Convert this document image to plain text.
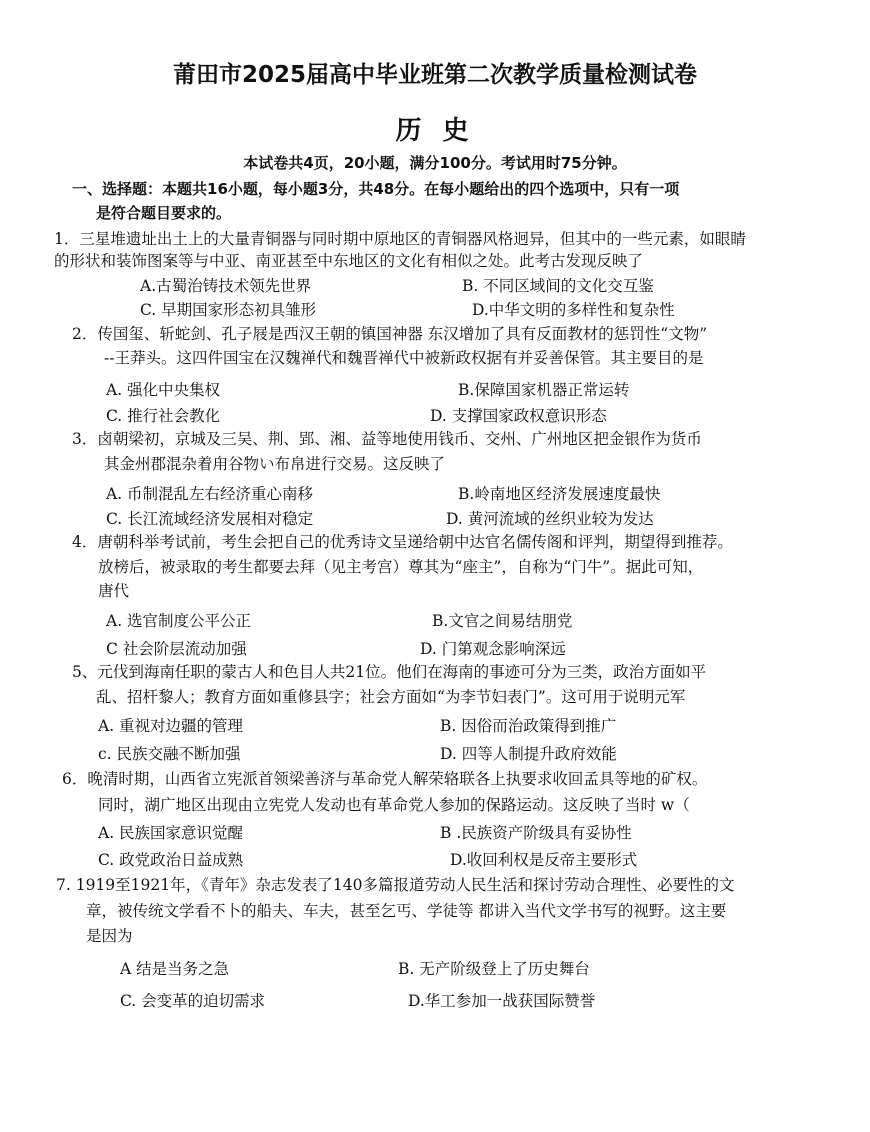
莆田市2025届高中毕业班第二次教学质量检测试卷
历 史
本试卷共4页，20小题，满分100分。考试用时75分钟。
一、选择题：本题共16小题，每小题3分，共48分。在每小题给出的四个选项中，只有一项
是符合题目要求的。
1．三星堆遗址出土上的大量青铜器与同时期中原地区的青铜器风格迥异，但其中的一些元素，如眼睛
的形状和装饰图案等与中亚、南亚甚至中东地区的文化有相似之处。此考古发现反映了
A.古蜀治铸技术领先世界	B. 不同区域间的文化交互鉴
C. 早期国家形态初具雏形	D.中华文明的多样性和复杂性
2．传国玺、斩蛇剑、孔子屐是西汉王朝的镇国神器 东汉增加了具有反面教材的惩罚性“文物”
--王莽头。这四件国宝在汉魏禅代和魏晋禅代中被新政权据有并妥善保管。其主要目的是
A. 强化中央集权	B.保障国家机器正常运转
C. 推行社会教化	D. 支撑国家政权意识形态
3．卤朝梁初，京城及三吴、荆、郢、湘、益等地使用钱币、交州、广州地区把金银作为货币
其金州郡混杂着甪谷物い布帛进行交易。这反映了
A. 币制混乱左右经济重心南移	B.岭南地区经济发展速度最快
C. 长江流域经济发展相对稳定	D. 黄河流域的丝织业较为发达
4．唐朝科举考试前，考生会把自己的优秀诗文呈递给朝中达官名儒传阁和评判，期望得到推荐。
放榜后，被录取的考生都要去拜（见主考宫）尊其为“座主”，自称为“门牛”。据此可知，
唐代
A. 选官制度公平公正	B.文官之间易结朋党
C 社会阶层流动加强	D. 门第观念影响深远
5、元伐到海南任职的蒙古人和色目人共21位。他们在海南的事迹可分为三类，政治方面如平
乱、招杆黎人；教育方面如重修县字；社会方面如“为李节妇表门”。这可用于说明元军
A. 重视对边疆的管理	B. 因俗而治政策得到推广
c. 民族交融不断加强	D. 四等人制提升政府效能
6．晚清时期，山西省立宪派首领梁善济与革命党人解荣辂联各上执要求收回孟具等地的矿权。
同时，湖广地区出现由立宪党人发动也有革命党人参加的保路运动。这反映了当时 w（
A. 民族国家意识觉醒	B .民族资产阶级具有妥协性
C. 政党政治日益成熟	D.收回利权是反帝主要形式
7. 1919至1921年，《青年》杂志发表了140多篇报道劳动人民生活和探讨劳动合理性、必要性的文
章，被传统文学看不卜的船夫、车夫，甚至乞丐、学徒等 都讲入当代文学书写的视野。这主要
是因为
A 结是当务之急	B. 无产阶级登上了历史舞台
C. 会变革的迫切需求	D.华工参加一战获国际赞誉
